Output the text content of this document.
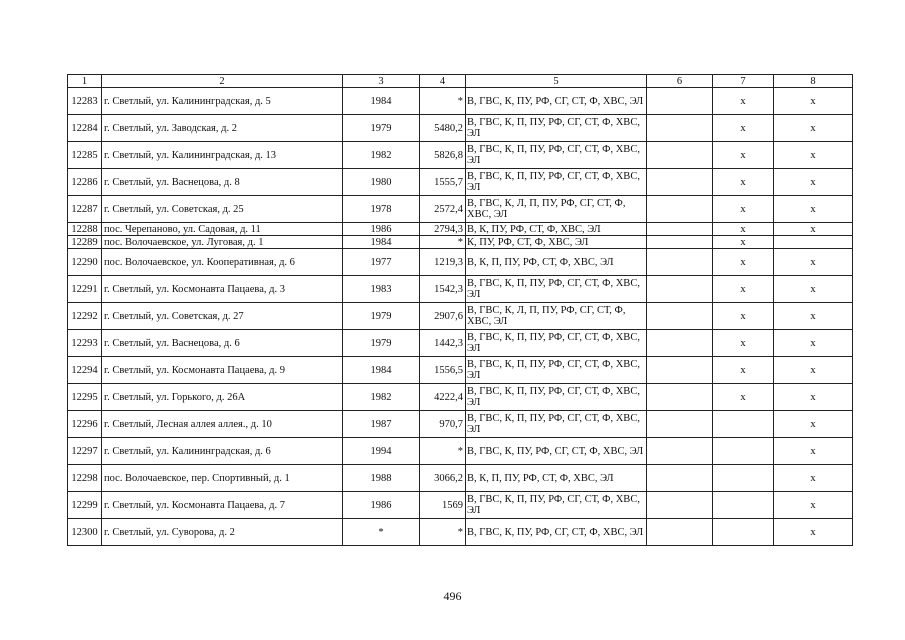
1	2	3	4	5	6	7	8
12283	г. Светлый, ул. Калининградская, д. 5	1984	*	В, ГВС, К, ПУ, РФ, СГ, СТ, Ф, ХВС, ЭЛ		x	x
12284	г. Светлый, ул. Заводская, д. 2	1979	5480,2	В, ГВС, К, П, ПУ, РФ, СГ, СТ, Ф, ХВС, ЭЛ		x	x
12285	г. Светлый, ул. Калининградская, д. 13	1982	5826,8	В, ГВС, К, П, ПУ, РФ, СГ, СТ, Ф, ХВС, ЭЛ		x	x
12286	г. Светлый, ул. Васнецова, д. 8	1980	1555,7	В, ГВС, К, П, ПУ, РФ, СГ, СТ, Ф, ХВС, ЭЛ		x	x
12287	г. Светлый, ул. Советская, д. 25	1978	2572,4	В, ГВС, К, Л, П, ПУ, РФ, СГ, СТ, Ф, ХВС, ЭЛ		x	x
12288	пос. Черепаново, ул. Садовая, д. 11	1986	2794,3	В, К, ПУ, РФ, СТ, Ф, ХВС, ЭЛ		x	x
12289	пос. Волочаевское, ул. Луговая, д. 1	1984	*	К, ПУ, РФ, СТ, Ф, ХВС, ЭЛ		x	
12290	пос. Волочаевское, ул. Кооперативная, д. 6	1977	1219,3	В, К, П, ПУ, РФ, СТ, Ф, ХВС, ЭЛ		x	x
12291	г. Светлый, ул. Космонавта Пацаева, д. 3	1983	1542,3	В, ГВС, К, П, ПУ, РФ, СГ, СТ, Ф, ХВС, ЭЛ		x	x
12292	г. Светлый, ул. Советская, д. 27	1979	2907,6	В, ГВС, К, Л, П, ПУ, РФ, СГ, СТ, Ф, ХВС, ЭЛ		x	x
12293	г. Светлый, ул. Васнецова, д. 6	1979	1442,3	В, ГВС, К, П, ПУ, РФ, СГ, СТ, Ф, ХВС, ЭЛ		x	x
12294	г. Светлый, ул. Космонавта Пацаева, д. 9	1984	1556,5	В, ГВС, К, П, ПУ, РФ, СГ, СТ, Ф, ХВС, ЭЛ		x	x
12295	г. Светлый, ул. Горького, д. 26А	1982	4222,4	В, ГВС, К, П, ПУ, РФ, СГ, СТ, Ф, ХВС, ЭЛ		x	x
12296	г. Светлый, Лесная аллея аллея., д. 10	1987	970,7	В, ГВС, К, П, ПУ, РФ, СГ, СТ, Ф, ХВС, ЭЛ			x
12297	г. Светлый, ул. Калининградская, д. 6	1994	*	В, ГВС, К, ПУ, РФ, СГ, СТ, Ф, ХВС, ЭЛ			x
12298	пос. Волочаевское, пер. Спортивный, д. 1	1988	3066,2	В, К, П, ПУ, РФ, СТ, Ф, ХВС, ЭЛ			x
12299	г. Светлый, ул. Космонавта Пацаева, д. 7	1986	1569	В, ГВС, К, П, ПУ, РФ, СГ, СТ, Ф, ХВС, ЭЛ			x
12300	г. Светлый, ул. Суворова, д. 2	*	*	В, ГВС, К, ПУ, РФ, СГ, СТ, Ф, ХВС, ЭЛ			x
496
